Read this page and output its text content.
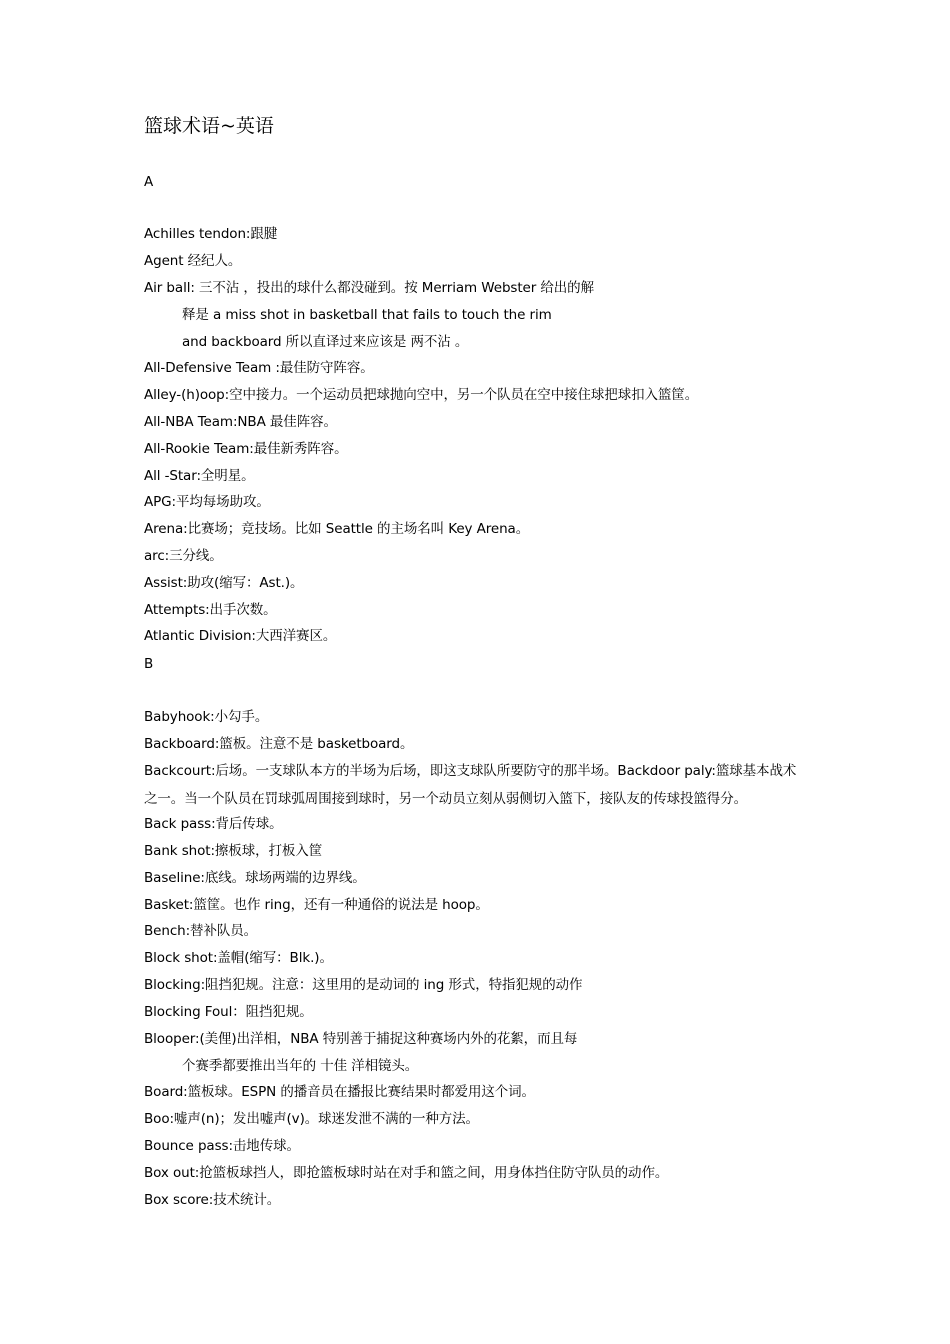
篮球术语~英语
A
Achilles tendon:跟腱
Agent 经纪人。
Air ball: 三不沾 ，投出的球什么都没碰到。按 Merriam Webster 给出的解
释是 a miss shot in basketball that fails to touch the rim
and backboard 所以直译过来应该是 两不沾 。
All-Defensive Team :最佳防守阵容。
Alley-(h)oop:空中接力。一个运动员把球抛向空中，另一个队员在空中接住球把球扣入篮筐。
All-NBA Team:NBA 最佳阵容。
All-Rookie Team:最佳新秀阵容。
All -Star:全明星。
APG:平均每场助攻。
Arena:比赛场；竞技场。比如 Seattle 的主场名叫 Key Arena。
arc:三分线。
Assist:助攻(缩写：Ast.)。
Attempts:出手次数。
Atlantic Division:大西洋赛区。
B
Babyhook:小勾手。
Backboard:篮板。注意不是 basketboard。
Backcourt:后场。一支球队本方的半场为后场，即这支球队所要防守的那半场。Backdoor paly:篮球基本战术之一。当一个队员在罚球弧周围接到球时，另一个动员立刻从弱侧切入篮下，接队友的传球投篮得分。
Back pass:背后传球。
Bank shot:擦板球，打板入筐
Baseline:底线。球场两端的边界线。
Basket:篮筐。也作 ring，还有一种通俗的说法是 hoop。
Bench:替补队员。
Block shot:盖帽(缩写：Blk.)。
Blocking:阻挡犯规。注意：这里用的是动词的 ing 形式，特指犯规的动作
Blocking Foul：阻挡犯规。
Blooper:(美俚)出洋相，NBA 特别善于捕捉这种赛场内外的花絮，而且每
个赛季都要推出当年的 十佳 洋相镜头。
Board:篮板球。ESPN 的播音员在播报比赛结果时都爱用这个词。
Boo:嘘声(n)；发出嘘声(v)。球迷发泄不满的一种方法。
Bounce pass:击地传球。
Box out:抢篮板球挡人，即抢篮板球时站在对手和篮之间，用身体挡住防守队员的动作。
Box score:技术统计。
